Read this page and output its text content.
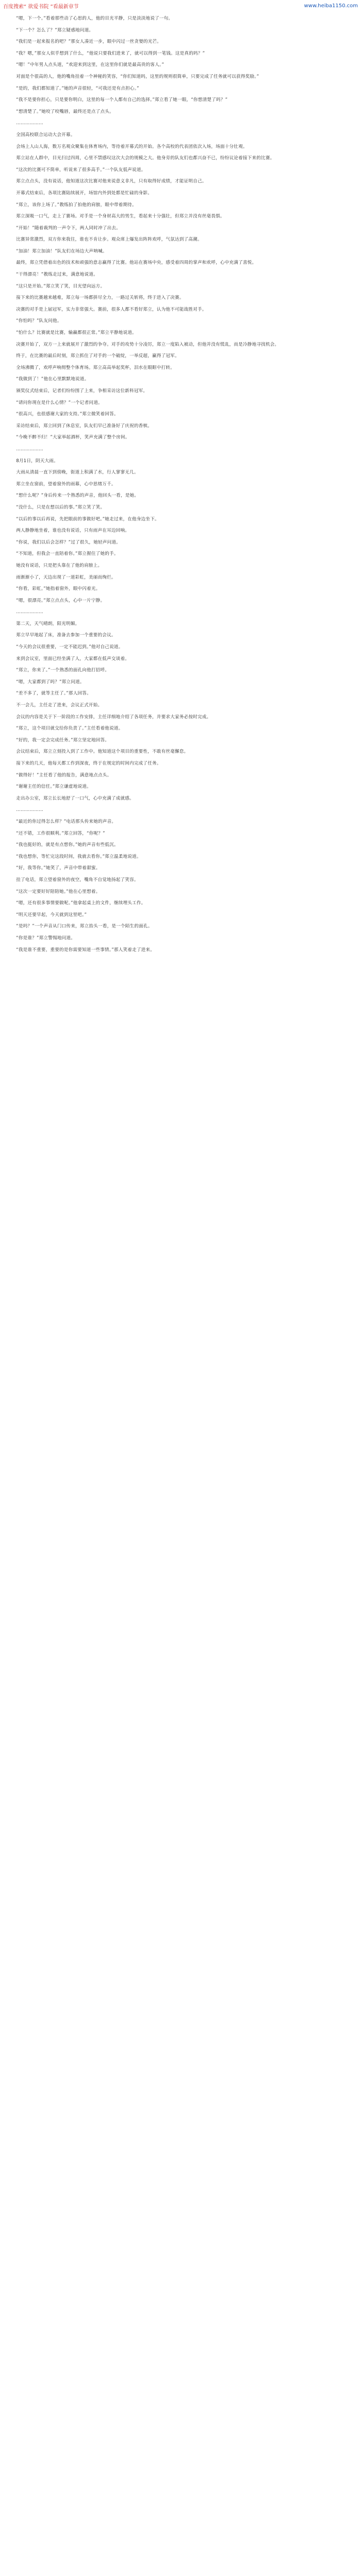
百度搜索“ 欲爱书院 ”看最新章节	www.heiba1150.com

“嗯，下一个。”看着那些动了心思的人，他的目光平静，只是淡淡地说了一句。

“下一个？怎么了？”郑立疑惑地问道。

“我们是一起来报名的吧？”那女人凑近一步，眼中闪过一丝贪婪的光芒。

“我？嗯，”那女人似乎想到了什么，“他说只要我们进来了，就可以得到一笔钱。这是真的吗？”

“嗯！”中年男人点头道，“欢迎来到这里，在这里你们就是最高贵的客人。”

对面是个很高的人，他的嘴角挂着一个神秘的笑容，“你们知道吗，这里的规则很简单，只要完成了任务就可以获得奖励。”

“是的，我们都知道了。”她的声音很轻，“可我还是有点担心。”

“我不是要你担心，只是要你明白，这里的每一个人都有自己的选择。”郑立看了她一眼，“你想清楚了吗？”

“想清楚了。”她咬了咬嘴唇，最终还是点了点头。

………………

全国高校联合运动大会开幕。

会场上人山人海，数万名观众聚集在体育场内，等待着开幕式的开始。各个高校的代表团依次入场，场面十分壮观。

郑立站在人群中，目光扫过四周，心里不禁感叹这次大会的规模之大。他身旁的队友们也都兴奋不已，纷纷议论着接下来的比赛。

“这次的比赛可不简单，听说来了很多高手。”一个队友低声说道。

郑立点点头，没有说话，他知道这次比赛对他来说意义非凡，只有取得好成绩，才能证明自己。

开幕式结束后，各项比赛陆续展开，场馆内外到处都是忙碌的身影。

“郑立，该你上场了。”教练拍了拍他的肩膀，眼中带着期待。

郑立深吸一口气，走上了赛场。对手是一个身材高大的男生，看起来十分强壮，但郑立并没有丝毫畏惧。

“开始！”随着裁判的一声令下，两人同时冲了出去。

比赛异常激烈，双方你来我往，谁也不肯让步。观众席上爆发出阵阵欢呼，气氛达到了高潮。

“加油！郑立加油！”队友们在场边大声呐喊。

最终，郑立凭借着出色的技术和顽强的意志赢得了比赛。他站在赛场中央，感受着四周的掌声和欢呼，心中充满了喜悦。

“干得漂亮！”教练走过来，满意地说道。

“这只是开始。”郑立笑了笑，目光望向远方。

接下来的比赛越来越难，郑立每一场都拼尽全力，一路过关斩将，终于进入了决赛。

决赛的对手是上届冠军，实力非常强大。赛前，很多人都不看好郑立，认为他不可能战胜对手。

“你怕吗？”队友问他。

“怕什么？比赛就是比赛，输赢都很正常。”郑立平静地说道。

决赛开始了，双方一上来就展开了激烈的争夺。对手的攻势十分凌厉，郑立一度陷入被动，但他并没有慌乱，而是冷静地寻找机会。

终于，在比赛的最后时刻，郑立抓住了对手的一个破绽，一举反超，赢得了冠军。

全场沸腾了，欢呼声响彻整个体育场。郑立高高举起奖杯，泪水在眼眶中打转。

“我做到了！”他在心里默默地说道。

颁奖仪式结束后，记者们纷纷围了上来，争相采访这位新科冠军。

“请问你现在是什么心情？”一个记者问道。

“很高兴，也很感谢大家的支持。”郑立微笑着回答。

采访结束后，郑立回到了休息室，队友们早已准备好了庆祝的香槟。

“今晚不醉不归！”大家举起酒杯，笑声充满了整个房间。

………………

8月1日，阴天大雨。

大雨从清晨一直下到傍晚，街道上积满了水，行人寥寥无几。

郑立坐在窗前，望着窗外的雨幕，心中思绪万千。

“想什么呢？”身后传来一个熟悉的声音，他回头一看，是她。

“没什么，只是在想以后的事。”郑立笑了笑。

“以后的事以后再说，先把眼前的事做好吧。”她走过来，在他身边坐下。

两人静静地坐着，谁也没有说话，只有雨声在耳边回响。

“你说，我们以后会怎样？”过了很久，她轻声问道。

“不知道，但我会一直陪着你。”郑立握住了她的手。

她没有说话，只是把头靠在了他的肩膀上。

雨渐渐小了，天边出现了一道彩虹，美丽而绚烂。

“你看，彩虹。”她指着窗外，眼中闪着光。

“嗯，很漂亮。”郑立点点头，心中一片宁静。

………………

第二天，天气晴朗，阳光明媚。

郑立早早地起了床，准备去参加一个重要的会议。

“今天的会议很重要，一定不能迟到。”他对自己说道。

来到会议室，里面已经坐满了人，大家都在低声交谈着。

“郑立，你来了。”一个熟悉的面孔向他打招呼。

“嗯，大家都到了吗？”郑立问道。

“差不多了，就等主任了。”那人回答。

不一会儿，主任走了进来，会议正式开始。

会议的内容是关于下一阶段的工作安排，主任详细地介绍了各项任务，并要求大家务必按时完成。

“郑立，这个项目就交给你负责了。”主任看着他说道。

“好的，我一定会完成任务。”郑立坚定地回答。

会议结束后，郑立立刻投入到了工作中。他知道这个项目的重要性，不敢有丝毫懈怠。

接下来的几天，他每天都工作到深夜，终于在规定的时间内完成了任务。

“做得好！”主任看了他的报告，满意地点点头。

“谢谢主任的信任。”郑立谦虚地说道。

走出办公室，郑立长长地舒了一口气，心中充满了成就感。

………………

“最近的你过得怎么样？”电话那头传来她的声音。

“还不错，工作很顺利。”郑立回答，“你呢？”

“我也挺好的，就是有点想你。”她的声音有些低沉。

“我也想你，等忙完这段时间，我就去看你。”郑立温柔地说道。

“好，我等你。”她笑了，声音中带着甜蜜。

挂了电话，郑立望着窗外的夜空，嘴角不自觉地扬起了笑容。

“这次一定要好好陪陪她。”他在心里想着。

“嗯，还有很多事情要做呢。”他拿起桌上的文件，继续埋头工作。

“明天还要早起，今天就到这里吧。”

“是吗？”一个声音从门口传来，郑立抬头一看，是一个陌生的面孔。

“你是谁？”郑立警惕地问道。

“我是谁不重要，重要的是你需要知道一些事情。”那人笑着走了进来。
